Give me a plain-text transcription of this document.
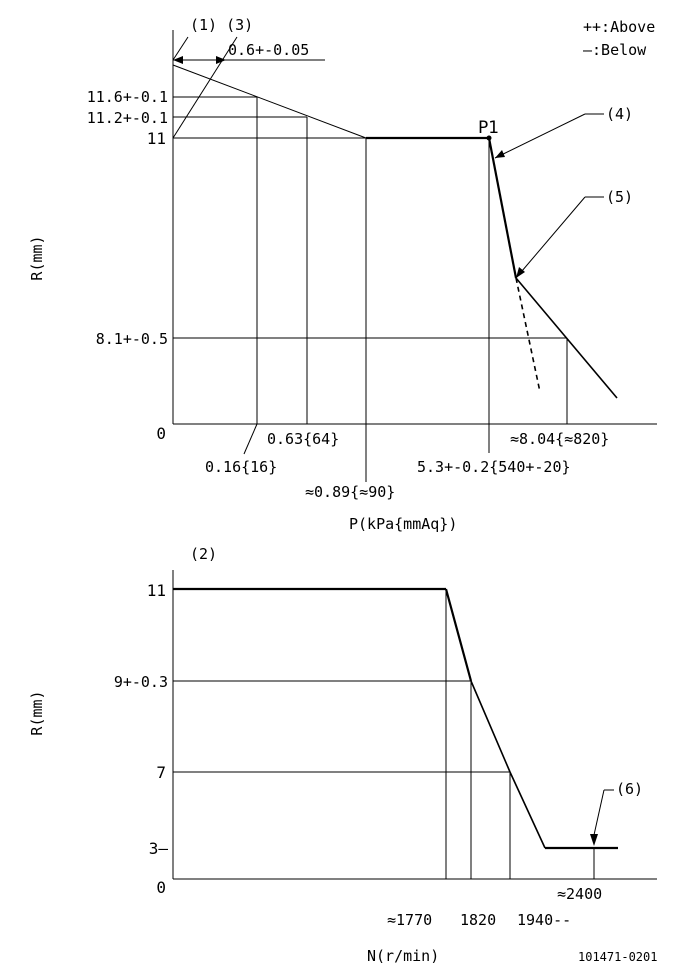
++:Above
—:Below
0.6+-0.05
(1) (3)
P1
(4)
(5)
11.6+-0.1
11.2+-0.1
11
8.1+-0.5
0
R(mm)
0.16{16}
0.63{64}
≈0.89{≈90}
5.3+-0.2{540+-20}
≈8.04{≈820}
P(kPa{mmAq})
(2)
(6)
11
9+-0.3
7
3—
0
R(mm)
≈1770 1820 1940--
≈2400
N(r/min)	101471-0201
